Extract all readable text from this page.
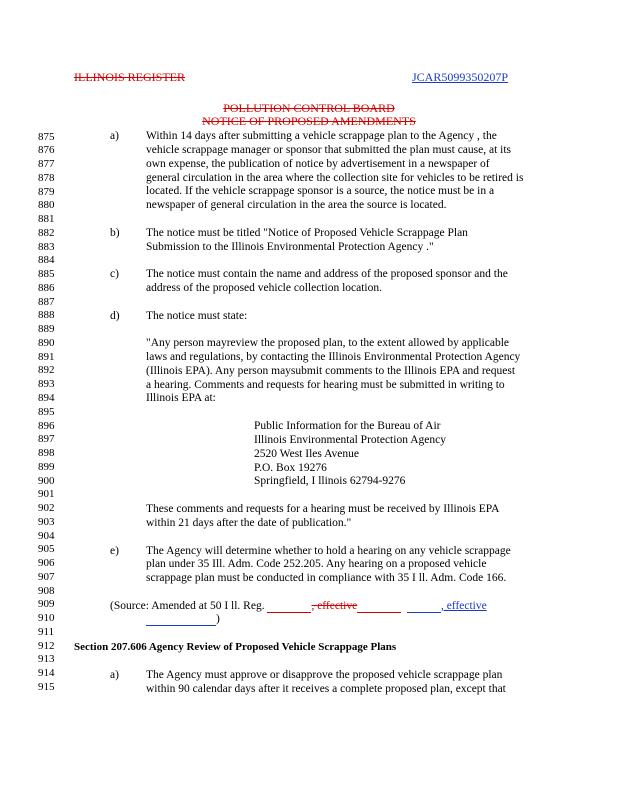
ILLINOIS REGISTER	JCAR5099350207P
POLLUTION CONTROL BOARD
NOTICE OF PROPOSED AMENDMENTS
875
876
877
878
879
880
881
882
883
884
885
886
887
888
889
890
891
892
893
894
895
896
897
898
899
900
901
902
903
904
905
906
907
908
909
910
911
912
913
914
915
a) Within 14 days after submitting a vehicle scrappage plan to the Agency , the
vehicle scrappage manager or sponsor that submitted the plan must cause, at its
own expense, the publication of notice by advertisement in a newspaper of
general circulation in the area where the collection site for vehicles to be retired is
located. If the vehicle scrappage sponsor is a source, the notice must be in a
newspaper of general circulation in the area the source is located.
b) The notice must be titled "Notice of Proposed Vehicle Scrappage Plan
Submission to the Illinois Environmental Protection Agency ."
c) The notice must contain the name and address of the proposed sponsor and the
address of the proposed vehicle collection location.
d) The notice must state:
"Any person mayreview the proposed plan, to the extent allowed by applicable
laws and regulations, by contacting the Illinois Environmental Protection Agency
(Illinois EPA). Any person maysubmit comments to the Illinois EPA and request
a hearing. Comments and requests for hearing must be submitted in writing to
Illinois EPA at:
Public Information for the Bureau of Air
Illinois Environmental Protection Agency
2520 West Iles Avenue
P.O. Box 19276
Springfield, I llinois 62794-9276
These comments and requests for a hearing must be received by Illinois EPA
within 21 days after the date of publication."
e) The Agency will determine whether to hold a hearing on any vehicle scrappage
plan under 35 Ill. Adm. Code 252.205. Any hearing on a proposed vehicle
scrappage plan must be conducted in compliance with 35 I ll. Adm. Code 166.
(Source: Amended at 50 I ll. Reg.	, effective	, effective
)
Section 207.606 Agency Review of Proposed Vehicle Scrappage Plans
a) The Agency must approve or disapprove the proposed vehicle scrappage plan
within 90 calendar days after it receives a complete proposed plan, except that
